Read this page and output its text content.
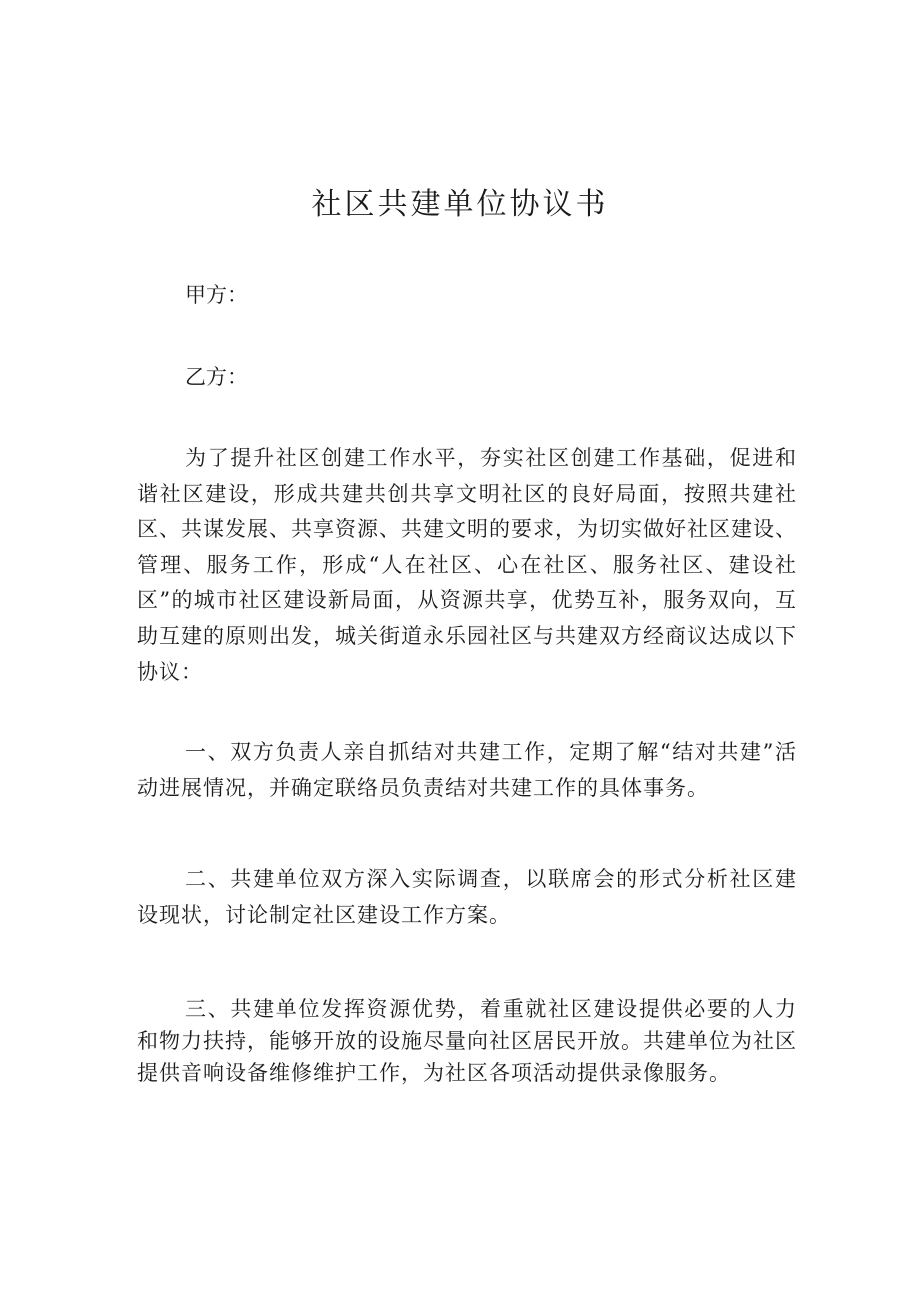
社区共建单位协议书

甲方：

乙方：

为了提升社区创建工作水平，夯实社区创建工作基础，促进和谐社区建设，形成共建共创共享文明社区的良好局面，按照共建社区、共谋发展、共享资源、共建文明的要求，为切实做好社区建设、管理、服务工作，形成“人在社区、心在社区、服务社区、建设社区”的城市社区建设新局面，从资源共享，优势互补，服务双向，互助互建的原则出发，城关街道永乐园社区与共建双方经商议达成以下协议：

一、双方负责人亲自抓结对共建工作，定期了解“结对共建”活动进展情况，并确定联络员负责结对共建工作的具体事务。

二、共建单位双方深入实际调查，以联席会的形式分析社区建设现状，讨论制定社区建设工作方案。

三、共建单位发挥资源优势，着重就社区建设提供必要的人力和物力扶持，能够开放的设施尽量向社区居民开放。共建单位为社区提供音响设备维修维护工作，为社区各项活动提供录像服务。
